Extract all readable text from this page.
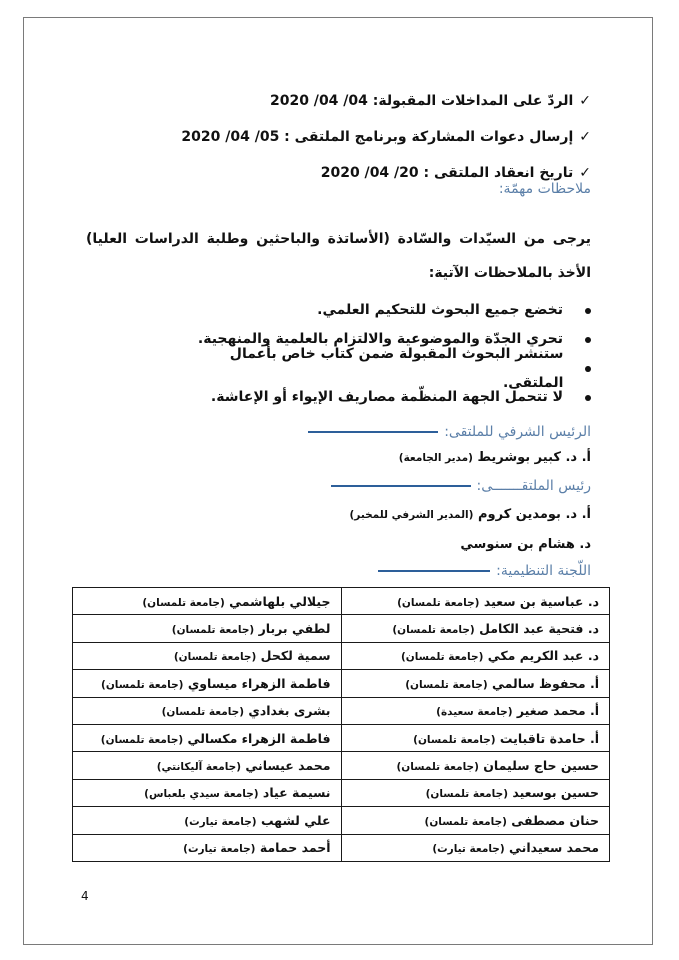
✓
الردّ على المداخلات المقبولة: 04/ 04/ 2020
✓
إرسال دعوات المشاركة وبرنامج الملتقى : 05/ 04/ 2020
✓
تاريخ انعقاد الملتقى : 20/ 04/ 2020
ملاحظات مهمّة:
يرجى من السيّدات والسّادة (الأساتذة والباحثين وطلبة الدراسات العليا) الأخذ بالملاحظات الآتية:
تخضع جميع البحوث للتحكيم العلمي.
تحري الجدّة والموضوعية والالتزام بالعلمية والمنهجية.
ستنشر البحوث المقبولة ضمن كتاب خاص بأعمال الملتقى.
لا تتحمل الجهة المنظّمة مصاريف الإيواء أو الإعاشة.
الرئيس الشرفي للملتقى:
أ. د. كبير بوشريط (مدير الجامعة)
رئيس الملتقـــــــى:
أ. د. بومدين كروم (المدير الشرفي للمخبر)
د. هشام بن سنوسي
اللّجنة التنظيمية:
د. عباسية بن سعيد (جامعة تلمسان)	جيلالي بلهاشمي (جامعة تلمسان)
د. فتحية عبد الكامل (جامعة تلمسان)	لطفي بربار (جامعة تلمسان)
د. عبد الكريم مكي (جامعة تلمسان)	سمية لكحل (جامعة تلمسان)
أ. محفوظ سالمي (جامعة تلمسان)	فاطمة الزهراء ميساوي (جامعة تلمسان)
أ. محمد صغير (جامعة سعيدة)	بشرى بغدادي (جامعة تلمسان)
أ. حامدة تاقبايت (جامعة تلمسان)	فاطمة الزهراء مكسالي (جامعة تلمسان)
حسين حاج سليمان (جامعة تلمسان)	محمد عيساني (جامعة آليكانتي)
حسين بوسعيد (جامعة تلمسان)	نسيمة عياد (جامعة سيدي بلعباس)
حنان مصطفى (جامعة تلمسان)	علي لشهب (جامعة تيارت)
محمد سعيداني (جامعة تيارت)	أحمد حمامة (جامعة تيارت)
4
